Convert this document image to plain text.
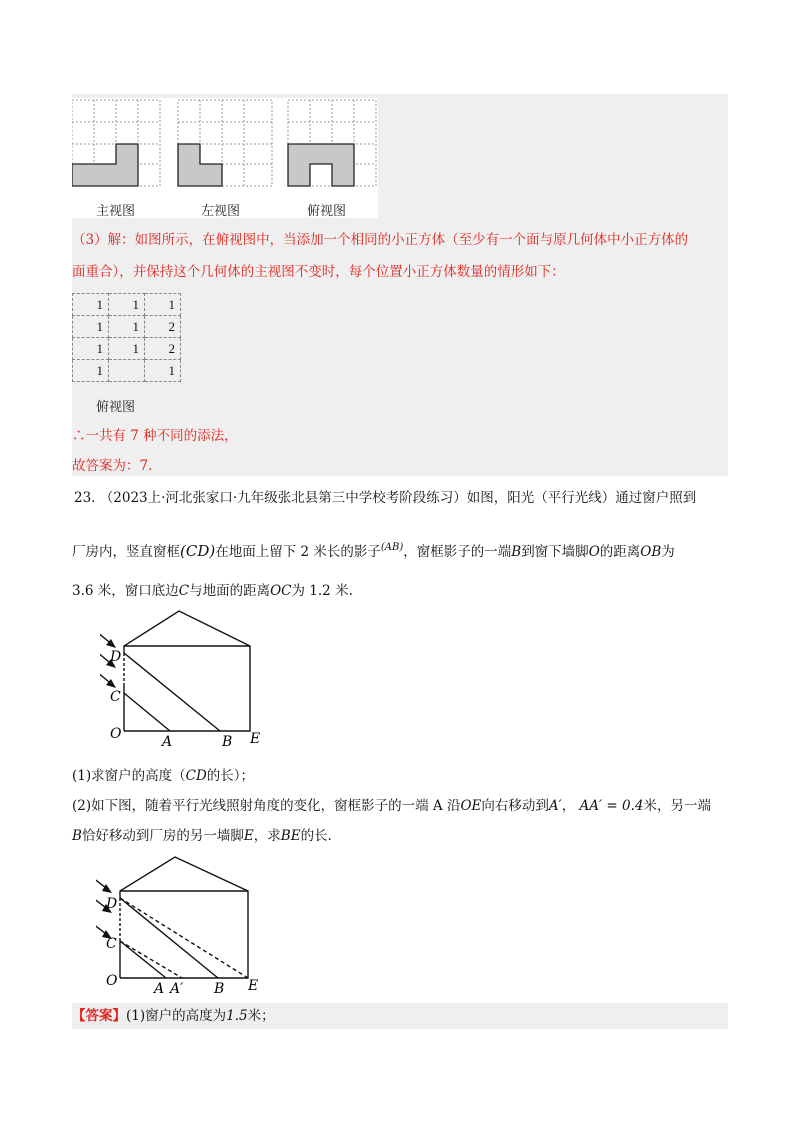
主视图	左视图	俯视图
（3）解：如图所示，在俯视图中，当添加一个相同的小正方体（至少有一个面与原几何体中小正方体的
面重合），并保持这个几何体的主视图不变时，每个位置小正方体数量的情形如下：
1	1	1
1	1	2
1	1	2
1		1
俯视图
∴一共有 7 种不同的添法，
故答案为：7.
23. （2023上·河北张家口·九年级张北县第三中学校考阶段练习）如图，阳光（平行光线）通过窗户照到
厂房内，竖直窗框(CD)在地面上留下 2 米长的影子$^{(AB)}$，窗框影子的一端B到窗下墙脚O的距离OB为
3.6 米，窗口底边C与地面的距离OC为 1.2 米.
D
C
O	A	B E
(1)求窗户的高度（CD的长）；
(2)如下图，随着平行光线照射角度的变化，窗框影子的一端 A 沿OE向右移动到A′， AA′ = 0.4米，另一端
B恰好移动到厂房的另一墙脚E，求BE的长.
D
C
O	A A′ B E
【答案】(1)窗户的高度为1.5米；
